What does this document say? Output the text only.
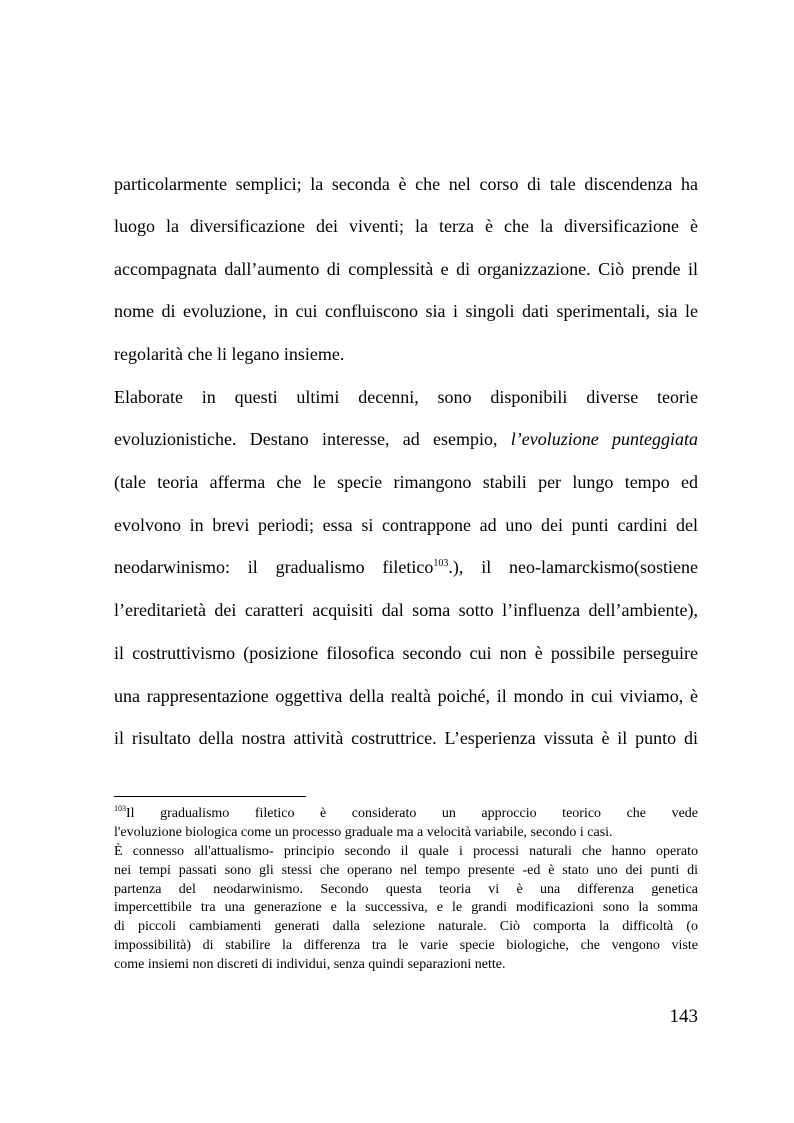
particolarmente semplici; la seconda è che nel corso di tale discendenza ha
luogo la diversificazione dei viventi; la terza è che la diversificazione è
accompagnata dall’aumento di complessità e di organizzazione. Ciò prende il
nome di evoluzione, in cui confluiscono sia i singoli dati sperimentali, sia le
regolarità che li legano insieme.
Elaborate in questi ultimi decenni, sono disponibili diverse teorie
evoluzionistiche. Destano interesse, ad esempio, l’evoluzione punteggiata
(tale teoria afferma che le specie rimangono stabili per lungo tempo ed
evolvono in brevi periodi; essa si contrappone ad uno dei punti cardini del
neodarwinismo: il gradualismo filetico$^{103}$.), il neo-lamarckismo(sostiene
l’ereditarietà dei caratteri acquisiti dal soma sotto l’influenza dell’ambiente),
il costruttivismo (posizione filosofica secondo cui non è possibile perseguire
una rappresentazione oggettiva della realtà poiché, il mondo in cui viviamo, è
il risultato della nostra attività costruttrice. L’esperienza vissuta è il punto di
$^{103}$Il gradualismo filetico è considerato un approccio teorico che vede
l'evoluzione biologica come un processo graduale ma a velocità variabile, secondo i casi.
È connesso all'attualismo- principio secondo il quale i processi naturali che hanno operato
nei tempi passati sono gli stessi che operano nel tempo presente -ed è stato uno dei punti di
partenza del neodarwinismo. Secondo questa teoria vi è una differenza genetica
impercettibile tra una generazione e la successiva, e le grandi modificazioni sono la somma
di piccoli cambiamenti generati dalla selezione naturale. Ciò comporta la difficoltà (o
impossibilità) di stabilire la differenza tra le varie specie biologiche, che vengono viste
come insiemi non discreti di individui, senza quindi separazioni nette.
143
